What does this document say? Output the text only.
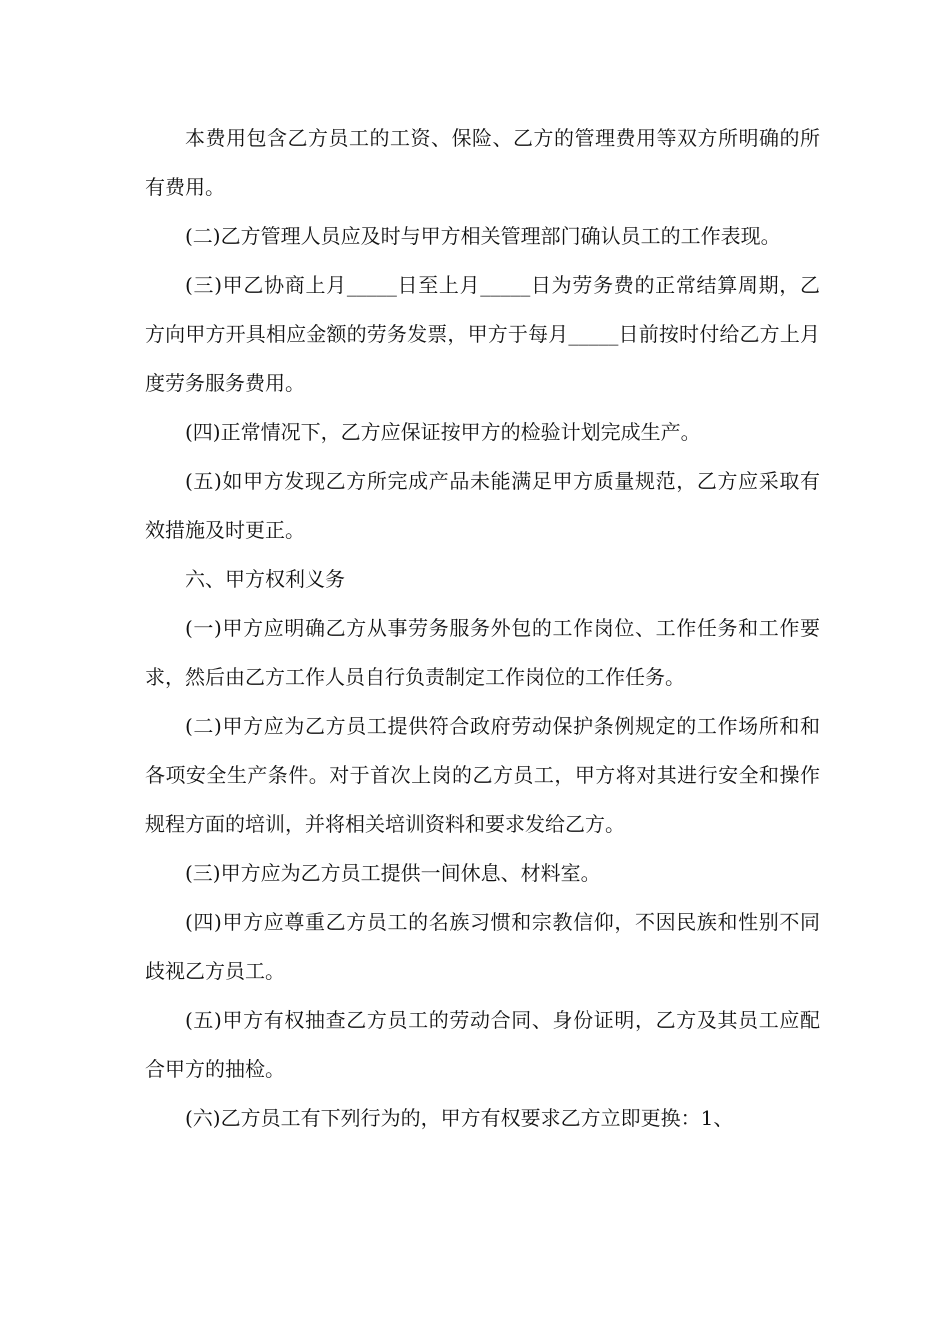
本费用包含乙方员工的工资、保险、乙方的管理费用等双方所明确的所有费用。

(二)乙方管理人员应及时与甲方相关管理部门确认员工的工作表现。

(三)甲乙协商上月_____日至上月_____日为劳务费的正常结算周期，乙方向甲方开具相应金额的劳务发票，甲方于每月_____日前按时付给乙方上月度劳务服务费用。

(四)正常情况下，乙方应保证按甲方的检验计划完成生产。

(五)如甲方发现乙方所完成产品未能满足甲方质量规范，乙方应采取有效措施及时更正。

六、甲方权利义务

(一)甲方应明确乙方从事劳务服务外包的工作岗位、工作任务和工作要求，然后由乙方工作人员自行负责制定工作岗位的工作任务。

(二)甲方应为乙方员工提供符合政府劳动保护条例规定的工作场所和和各项安全生产条件。对于首次上岗的乙方员工，甲方将对其进行安全和操作规程方面的培训，并将相关培训资料和要求发给乙方。

(三)甲方应为乙方员工提供一间休息、材料室。

(四)甲方应尊重乙方员工的名族习惯和宗教信仰，不因民族和性别不同歧视乙方员工。

(五)甲方有权抽查乙方员工的劳动合同、身份证明，乙方及其员工应配合甲方的抽检。

(六)乙方员工有下列行为的，甲方有权要求乙方立即更换：1、
